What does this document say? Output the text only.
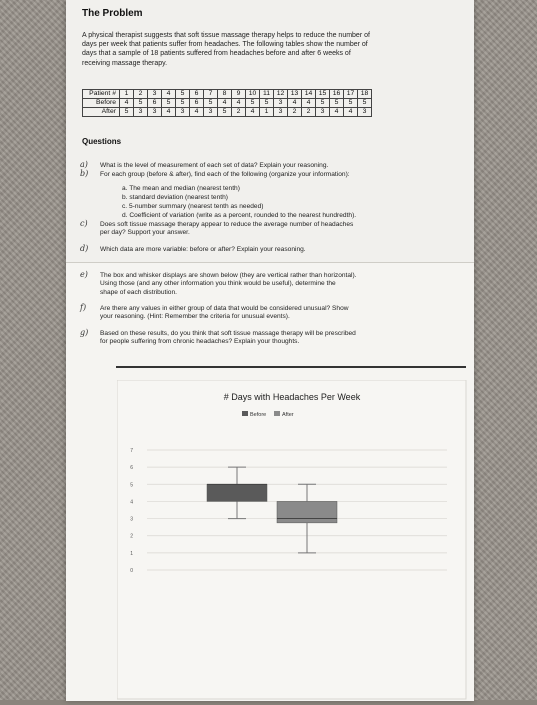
The Problem
A physical therapist suggests that soft tissue massage therapy helps to reduce the number of
days per week that patients suffer from headaches. The following tables show the number of
days that a sample of 18 patients suffered from headaches before and after 6 weeks of
receiving massage therapy.
Patient #	1	2	3	4	5	6	7	8	9	10	11	12	13	14	15	16	17	18
Before	4	5	6	5	5	6	5	4	4	5	5	3	4	4	5	5	5	5
After	5	3	3	4	3	4	3	5	2	4	1	3	2	2	3	4	4	3
Questions
a)	What is the level of measurement of each set of data? Explain your reasoning.
b)	For each group (before & after), find each of the following (organize your information):
a. The mean and median (nearest tenth)
b. standard deviation (nearest tenth)
c. 5-number summary (nearest tenth as needed)
d. Coefficient of variation (write as a percent, rounded to the nearest hundredth).
c)	Does soft tissue massage therapy appear to reduce the average number of headaches
per day? Support your answer.
d)	Which data are more variable: before or after? Explain your reasoning.
e)	The box and whisker displays are shown below (they are vertical rather than horizontal).
Using those (and any other information you think would be useful), determine the
shape of each distribution.
f)	Are there any values in either group of data that would be considered unusual? Show
your reasoning. (Hint: Remember the criteria for unusual events).
g)	Based on these results, do you think that soft tissue massage therapy will be prescribed
for people suffering from chronic headaches? Explain your thoughts.
# Days with Headaches Per Week
Before	After
0
1
2
3
4
5
6
7
